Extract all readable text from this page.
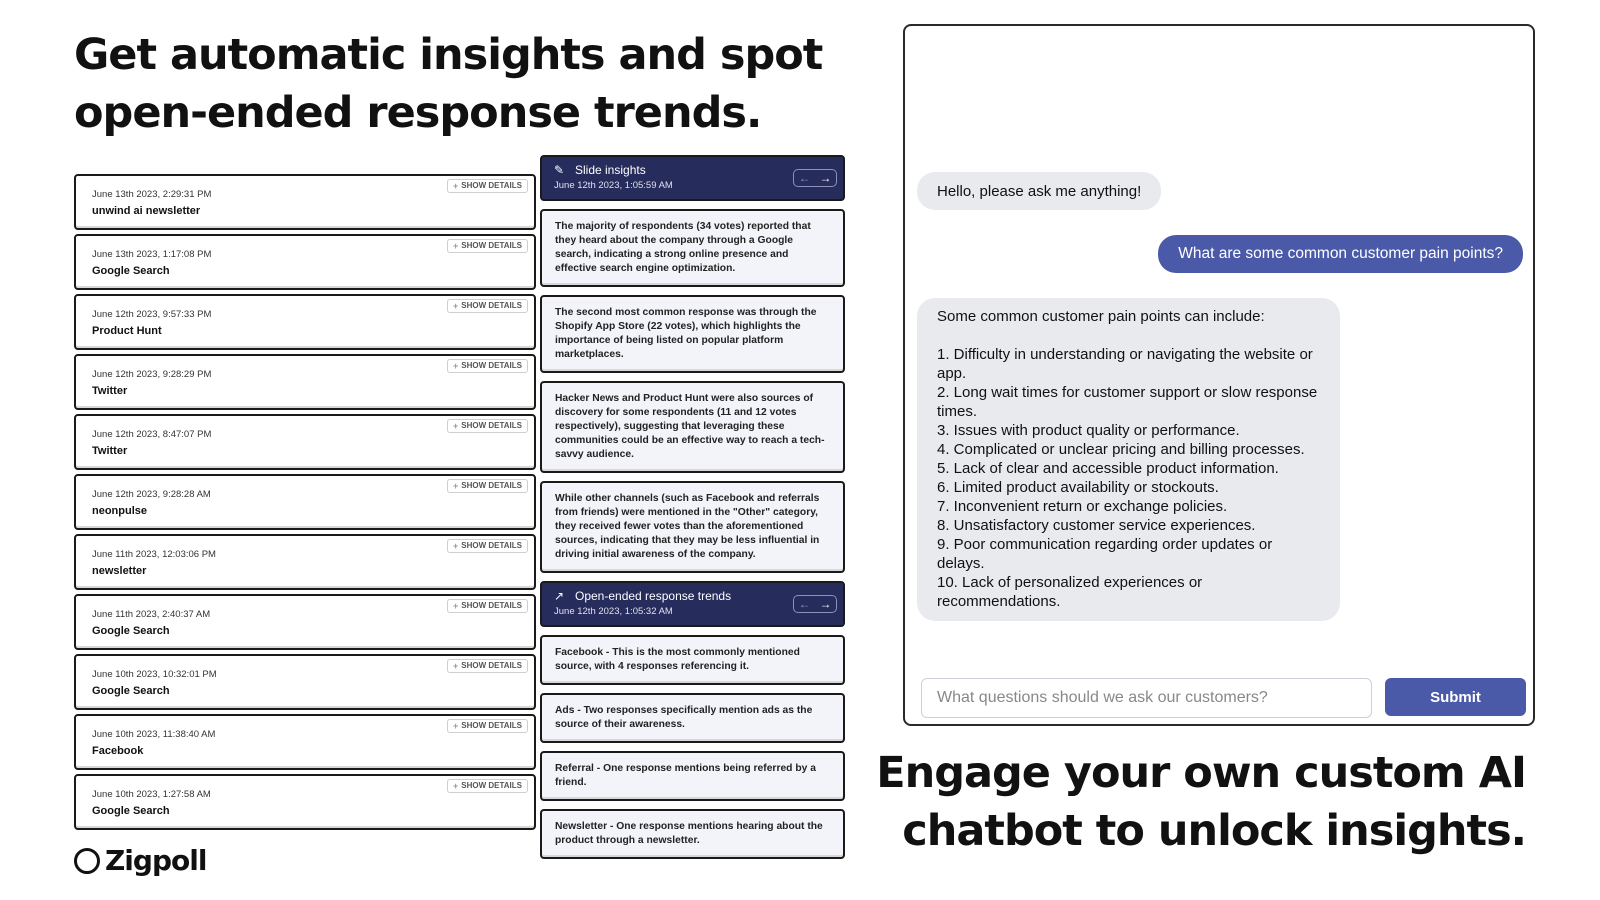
Get automatic insights and spot
open-ended response trends.
June 13th 2023, 2:29:31 PM
unwind ai newsletter
+ SHOW DETAILS
June 13th 2023, 1:17:08 PM
Google Search
+ SHOW DETAILS
June 12th 2023, 9:57:33 PM
Product Hunt
+ SHOW DETAILS
June 12th 2023, 9:28:29 PM
Twitter
+ SHOW DETAILS
June 12th 2023, 8:47:07 PM
Twitter
+ SHOW DETAILS
June 12th 2023, 9:28:28 AM
neonpulse
+ SHOW DETAILS
June 11th 2023, 12:03:06 PM
newsletter
+ SHOW DETAILS
June 11th 2023, 2:40:37 AM
Google Search
+ SHOW DETAILS
June 10th 2023, 10:32:01 PM
Google Search
+ SHOW DETAILS
June 10th 2023, 11:38:40 AM
Facebook
+ SHOW DETAILS
June 10th 2023, 1:27:58 AM
Google Search
+ SHOW DETAILS
✎ Slide insights
June 12th 2023, 1:05:59 AM
← →
The majority of respondents (34 votes) reported that they heard about the company through a Google search, indicating a strong online presence and effective search engine optimization.
The second most common response was through the Shopify App Store (22 votes), which highlights the importance of being listed on popular platform marketplaces.
Hacker News and Product Hunt were also sources of discovery for some respondents (11 and 12 votes respectively), suggesting that leveraging these communities could be an effective way to reach a tech-savvy audience.
While other channels (such as Facebook and referrals from friends) were mentioned in the "Other" category, they received fewer votes than the aforementioned sources, indicating that they may be less influential in driving initial awareness of the company.
↗ Open-ended response trends
June 12th 2023, 1:05:32 AM
← →
Facebook - This is the most commonly mentioned source, with 4 responses referencing it.
Ads - Two responses specifically mention ads as the source of their awareness.
Referral - One response mentions being referred by a friend.
Newsletter - One response mentions hearing about the product through a newsletter.
Hello, please ask me anything!
What are some common customer pain points?
Some common customer pain points can include:

1. Difficulty in understanding or navigating the website or app.
2. Long wait times for customer support or slow response times.
3. Issues with product quality or performance.
4. Complicated or unclear pricing and billing processes.
5. Lack of clear and accessible product information.
6. Limited product availability or stockouts.
7. Inconvenient return or exchange policies.
8. Unsatisfactory customer service experiences.
9. Poor communication regarding order updates or delays.
10. Lack of personalized experiences or recommendations.
What questions should we ask our customers?	Submit
Engage your own custom AI
chatbot to unlock insights.
Zigpoll
